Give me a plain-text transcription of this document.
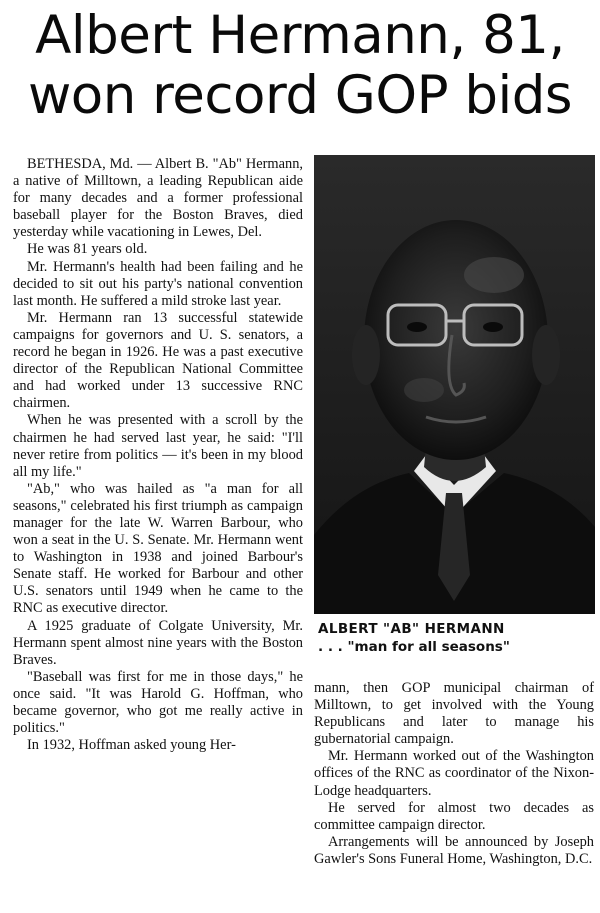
Albert Hermann, 81,
won record GOP bids

BETHESDA, Md. — Albert B. "Ab" Hermann, a native of Milltown, a leading Republican aide for many decades and a former professional baseball player for the Boston Braves, died yesterday while vacationing in Lewes, Del.

He was 81 years old.

Mr. Hermann's health had been failing and he decided to sit out his party's national convention last month. He suffered a mild stroke last year.

Mr. Hermann ran 13 successful statewide campaigns for governors and U. S. senators, a record he began in 1926. He was a past executive director of the Republican National Committee and had worked under 13 successive RNC chairmen.

When he was presented with a scroll by the chairmen he had served last year, he said: "I'll never retire from politics — it's been in my blood all my life."

"Ab," who was hailed as "a man for all seasons," celebrated his first triumph as campaign manager for the late W. Warren Barbour, who won a seat in the U. S. Senate. Mr. Hermann went to Washington in 1938 and joined Barbour's Senate staff. He worked for Barbour and other U.S. senators until 1949 when he came to the RNC as executive director.

A 1925 graduate of Colgate University, Mr. Hermann spent almost nine years with the Boston Braves.

"Baseball was first for me in those days," he once said. "It was Harold G. Hoffman, who became governor, who got me really active in politics."

In 1932, Hoffman asked young Her-

ALBERT "AB" HERMANN
. . . "man for all seasons"

mann, then GOP municipal chairman of Milltown, to get involved with the Young Republicans and later to manage his gubernatorial campaign.

Mr. Hermann worked out of the Washington offices of the RNC as coordinator of the Nixon-Lodge headquarters.

He served for almost two decades as committee campaign director.

Arrangements will be announced by Joseph Gawler's Sons Funeral Home, Washington, D.C.
